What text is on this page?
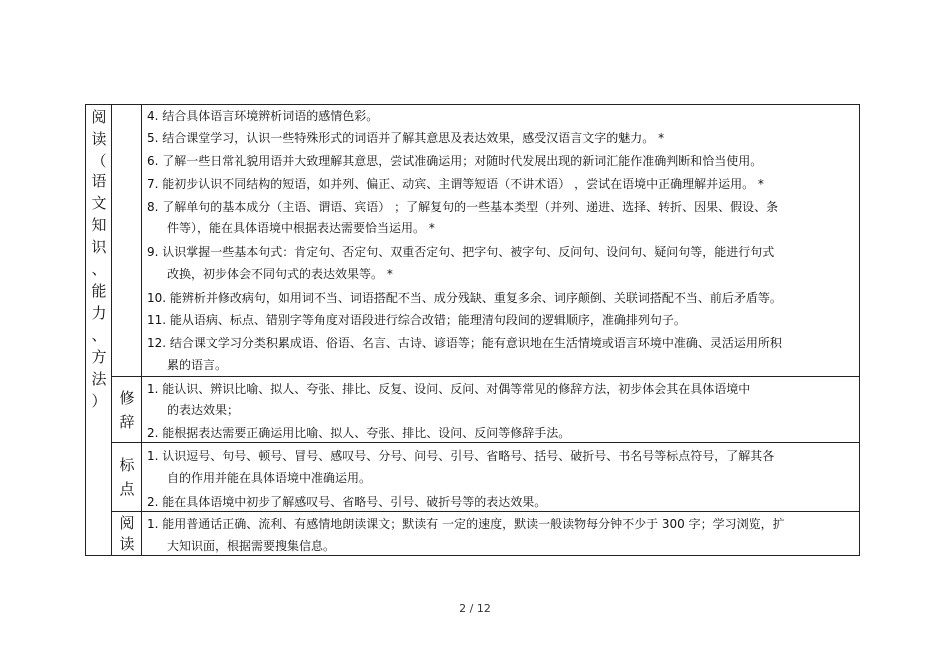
阅
读
（
语
文
知
识
、
能
力
、
方
法
） 修
辞
标
点
阅
读
4. 结合具体语言环境辨析词语的感情色彩。
5. 结合课堂学习，认识一些特殊形式的词语并了解其意思及表达效果，感受汉语言文字的魅力。 *
6. 了解一些日常礼貌用语并大致理解其意思，尝试准确运用；对随时代发展出现的新词汇能作准确判断和恰当使用。
7. 能初步认识不同结构的短语，如并列、偏正、动宾、主谓等短语（不讲术语） ，尝试在语境中正确理解并运用。 *
8. 了解单句的基本成分（主语、谓语、宾语） ；了解复句的一些基本类型（并列、递进、选择、转折、因果、假设、条
件等），能在具体语境中根据表达需要恰当运用。 *
9. 认识掌握一些基本句式：肯定句、否定句、双重否定句、把字句、被字句、反问句、设问句、疑问句等，能进行句式
改换，初步体会不同句式的表达效果等。 *
10. 能辨析并修改病句，如用词不当、词语搭配不当、成分残缺、重复多余、词序颠倒、关联词搭配不当、前后矛盾等。
11. 能从语病、标点、错别字等角度对语段进行综合改错；能理清句段间的逻辑顺序，准确排列句子。
12. 结合课文学习分类积累成语、俗语、名言、古诗、谚语等；能有意识地在生活情境或语言环境中准确、灵活运用所积
累的语言。
1. 能认识、辨识比喻、拟人、夸张、排比、反复、设问、反问、对偶等常见的修辞方法，初步体会其在具体语境中
的表达效果；
2. 能根据表达需要正确运用比喻、拟人、夸张、排比、设问、反问等修辞手法。
1. 认识逗号、句号、顿号、冒号、感叹号、分号、问号、引号、省略号、括号、破折号、书名号等标点符号，了解其各
自的作用并能在具体语境中准确运用。
2. 能在具体语境中初步了解感叹号、省略号、引号、破折号等的表达效果。
1. 能用普通话正确、流利、有感情地朗读课文；默读有 一定的速度，默读一般读物每分钟不少于 300 字；学习浏览，扩
大知识面，根据需要搜集信息。
2 / 12
